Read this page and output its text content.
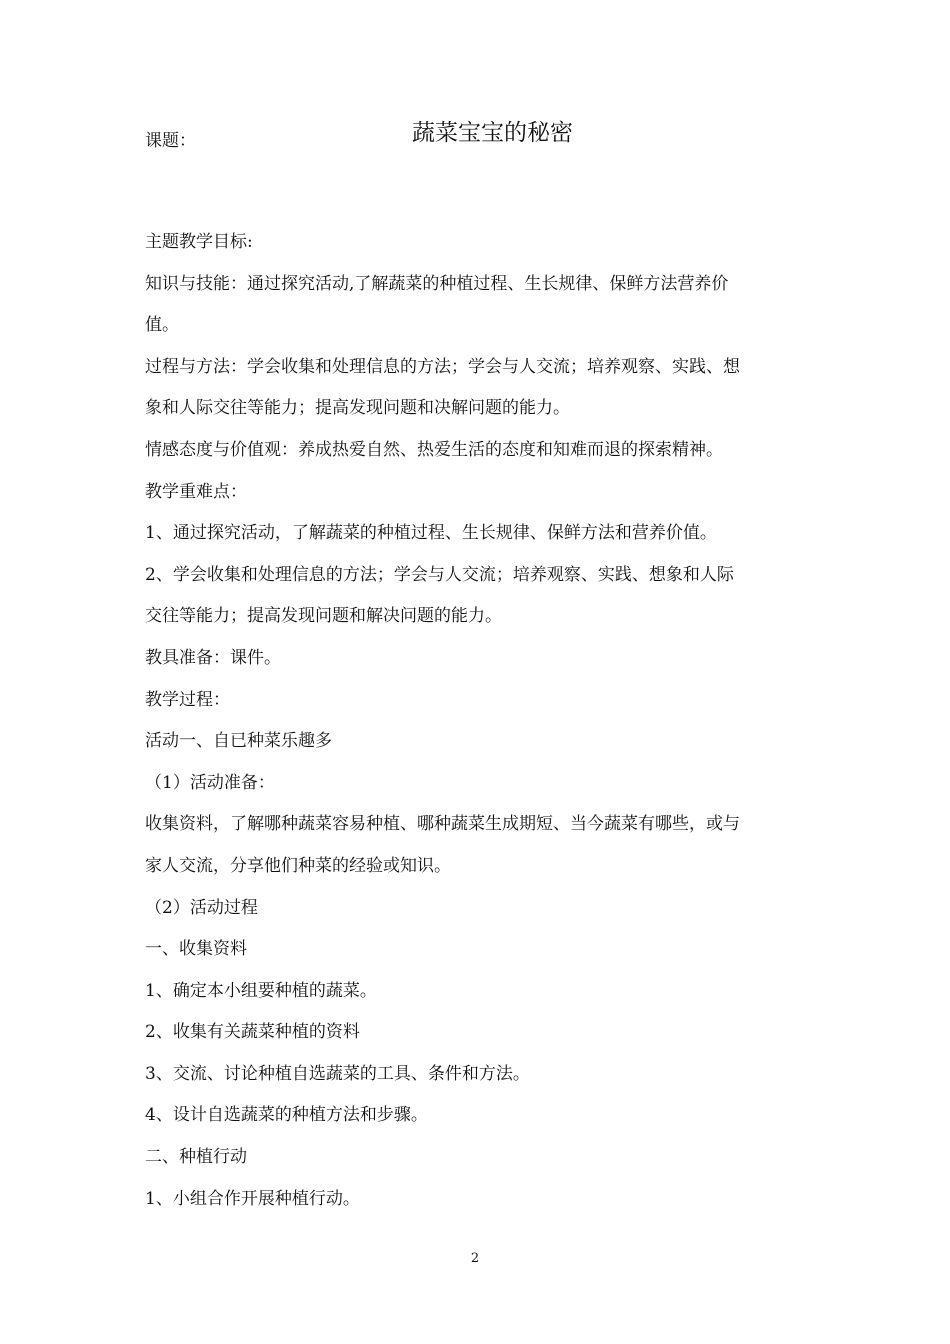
课题：	蔬菜宝宝的秘密

主题教学目标:

知识与技能：通过探究活动,了解蔬菜的种植过程、生长规律、保鲜方法营养价

值。

过程与方法：学会收集和处理信息的方法；学会与人交流；培养观察、实践、想

象和人际交往等能力；提高发现问题和决解问题的能力。

情感态度与价值观：养成热爱自然、热爱生活的态度和知难而退的探索精神。

教学重难点：

1、通过探究活动，了解蔬菜的种植过程、生长规律、保鲜方法和营养价值。

2、学会收集和处理信息的方法；学会与人交流；培养观察、实践、想象和人际

交往等能力；提高发现问题和解决问题的能力。

教具准备：课件。

教学过程：

活动一、自已种菜乐趣多

（1）活动准备：

收集资料，了解哪种蔬菜容易种植、哪种蔬菜生成期短、当今蔬菜有哪些，或与

家人交流，分享他们种菜的经验或知识。

（2）活动过程

一、收集资料

1、确定本小组要种植的蔬菜。

2、收集有关蔬菜种植的资料

3、交流、讨论种植自选蔬菜的工具、条件和方法。

4、设计自选蔬菜的种植方法和步骤。

二、种植行动

1、小组合作开展种植行动。

2
